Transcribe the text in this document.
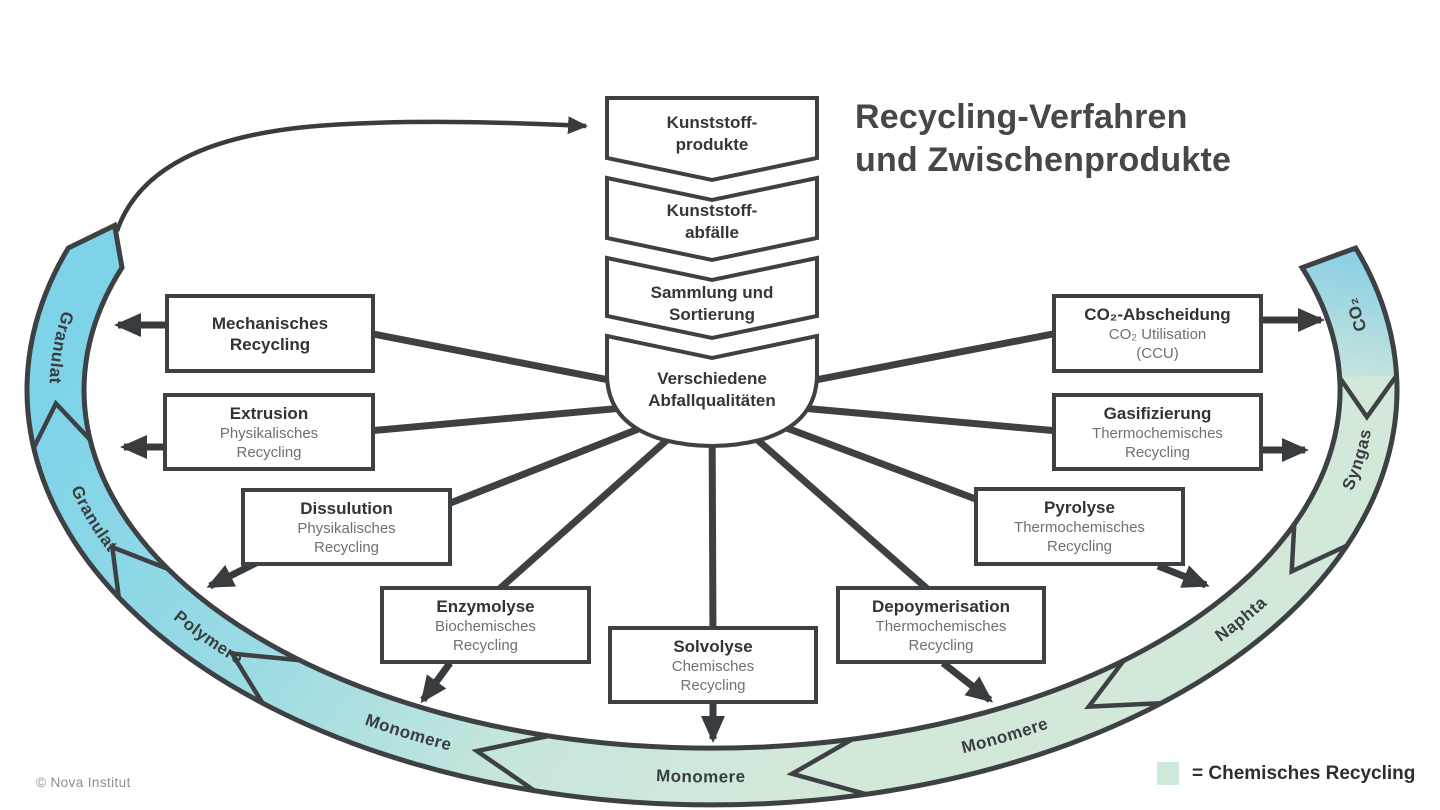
Granulat
Granulat
Polymere
Monomere
Monomere
Monomere
Naphta
Syngas
CO₂
Recycling-Verfahren
und Zwischenprodukte
Kunststoff-
produkte
Kunststoff-
abfälle
Sammlung und
Sortierung
Verschiedene
Abfallqualitäten
Mechanisches
Recycling
Extrusion
Physikalisches
Recycling
Dissulution
Physikalisches
Recycling
Enzymolyse
Biochemisches
Recycling	Solvolyse
Chemisches
Recycling
Depoymerisation
Thermochemisches
Recycling
Pyrolyse
Thermochemisches
Recycling
Gasifizierung
Thermochemisches
Recycling
CO₂-Abscheidung
CO₂ Utilisation
(CCU)
= Chemisches Recycling
© Nova Institut
